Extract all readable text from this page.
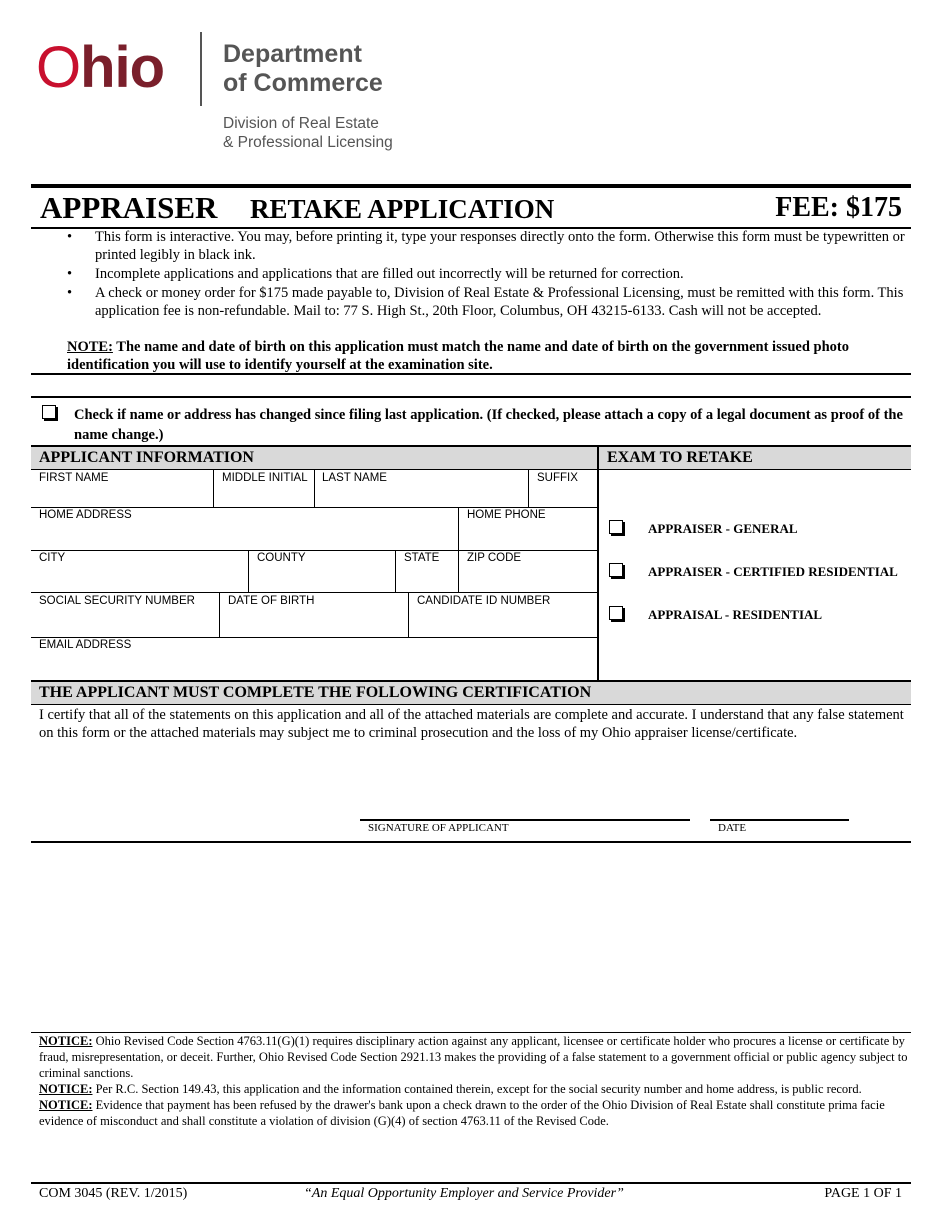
Ohio Department
of Commerce
Division of Real Estate
& Professional Licensing
APPRAISER RETAKE APPLICATION	FEE: $175
• This form is interactive. You may, before printing it, type your responses directly onto the form. Otherwise this form must be typewritten or printed legibly in black ink.
• Incomplete applications and applications that are filled out incorrectly will be returned for correction.
• A check or money order for $175 made payable to, Division of Real Estate & Professional Licensing, must be remitted with this form. This application fee is non-refundable. Mail to: 77 S. High St., 20th Floor, Columbus, OH 43215-6133. Cash will not be accepted.
NOTE: The name and date of birth on this application must match the name and date of birth on the government issued photo identification you will use to identify yourself at the examination site.
Check if name or address has changed since filing last application. (If checked, please attach a copy of a legal document as proof of the name change.)
APPLICANT INFORMATION	EXAM TO RETAKE
FIRST NAME	MIDDLE INITIAL LAST NAME	SUFFIX
HOME ADDRESS	HOME PHONE
CITY	COUNTY	STATE ZIP CODE
SOCIAL SECURITY NUMBER	DATE OF BIRTH	CANDIDATE ID NUMBER
EMAIL ADDRESS
APPRAISER - GENERAL
APPRAISER - CERTIFIED RESIDENTIAL
APPRAISAL - RESIDENTIAL
THE APPLICANT MUST COMPLETE THE FOLLOWING CERTIFICATION
I certify that all of the statements on this application and all of the attached materials are complete and accurate. I understand that any false statement on this form or the attached materials may subject me to criminal prosecution and the loss of my Ohio appraiser license/certificate.
SIGNATURE OF APPLICANT	DATE
NOTICE: Ohio Revised Code Section 4763.11(G)(1) requires disciplinary action against any applicant, licensee or certificate holder who procures a license or certificate by fraud, misrepresentation, or deceit. Further, Ohio Revised Code Section 2921.13 makes the providing of a false statement to a government official or public agency subject to criminal sanctions.
NOTICE: Per R.C. Section 149.43, this application and the information contained therein, except for the social security number and home address, is public record.
NOTICE: Evidence that payment has been refused by the drawer's bank upon a check drawn to the order of the Ohio Division of Real Estate shall constitute prima facie evidence of misconduct and shall constitute a violation of division (G)(4) of section 4763.11 of the Revised Code.
COM 3045 (REV. 1/2015)	“An Equal Opportunity Employer and Service Provider”	PAGE 1 OF 1
